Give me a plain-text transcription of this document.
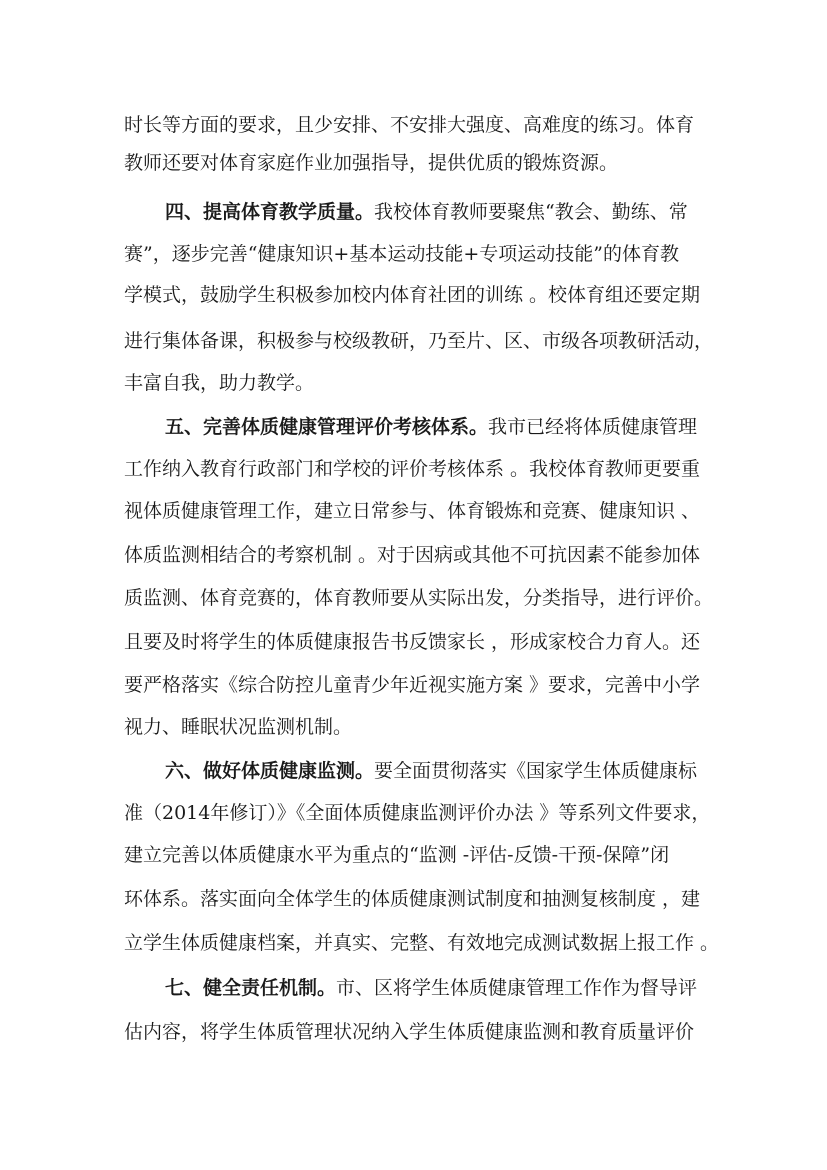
时长等方面的要求，且少安排、不安排大强度、高难度的练习。体育
教师还要对体育家庭作业加强指导，提供优质的锻炼资源。
四、提高体育教学质量。我校体育教师要聚焦“教会、勤练、常
赛”，逐步完善“健康知识+基本运动技能+专项运动技能”的体育教
学模式，鼓励学生积极参加校内体育社团的训练 。校体育组还要定期
进行集体备课，积极参与校级教研，乃至片、区、市级各项教研活动，
丰富自我，助力教学。
五、完善体质健康管理评价考核体系。我市已经将体质健康管理
工作纳入教育行政部门和学校的评价考核体系 。我校体育教师更要重
视体质健康管理工作，建立日常参与、体育锻炼和竞赛、健康知识 、
体质监测相结合的考察机制 。对于因病或其他不可抗因素不能参加体
质监测、体育竞赛的，体育教师要从实际出发，分类指导，进行评价。
且要及时将学生的体质健康报告书反馈家长 ，形成家校合力育人。还
要严格落实《综合防控儿童青少年近视实施方案 》要求，完善中小学
视力、睡眠状况监测机制。
六、做好体质健康监测。要全面贯彻落实《国家学生体质健康标
准（2014年修订）》《全面体质健康监测评价办法 》等系列文件要求，
建立完善以体质健康水平为重点的“监测 -评估-反馈-干预-保障”闭
环体系。落实面向全体学生的体质健康测试制度和抽测复核制度 ，建
立学生体质健康档案，并真实、完整、有效地完成测试数据上报工作 。
七、健全责任机制。市、区将学生体质健康管理工作作为督导评
估内容，将学生体质管理状况纳入学生体质健康监测和教育质量评价
